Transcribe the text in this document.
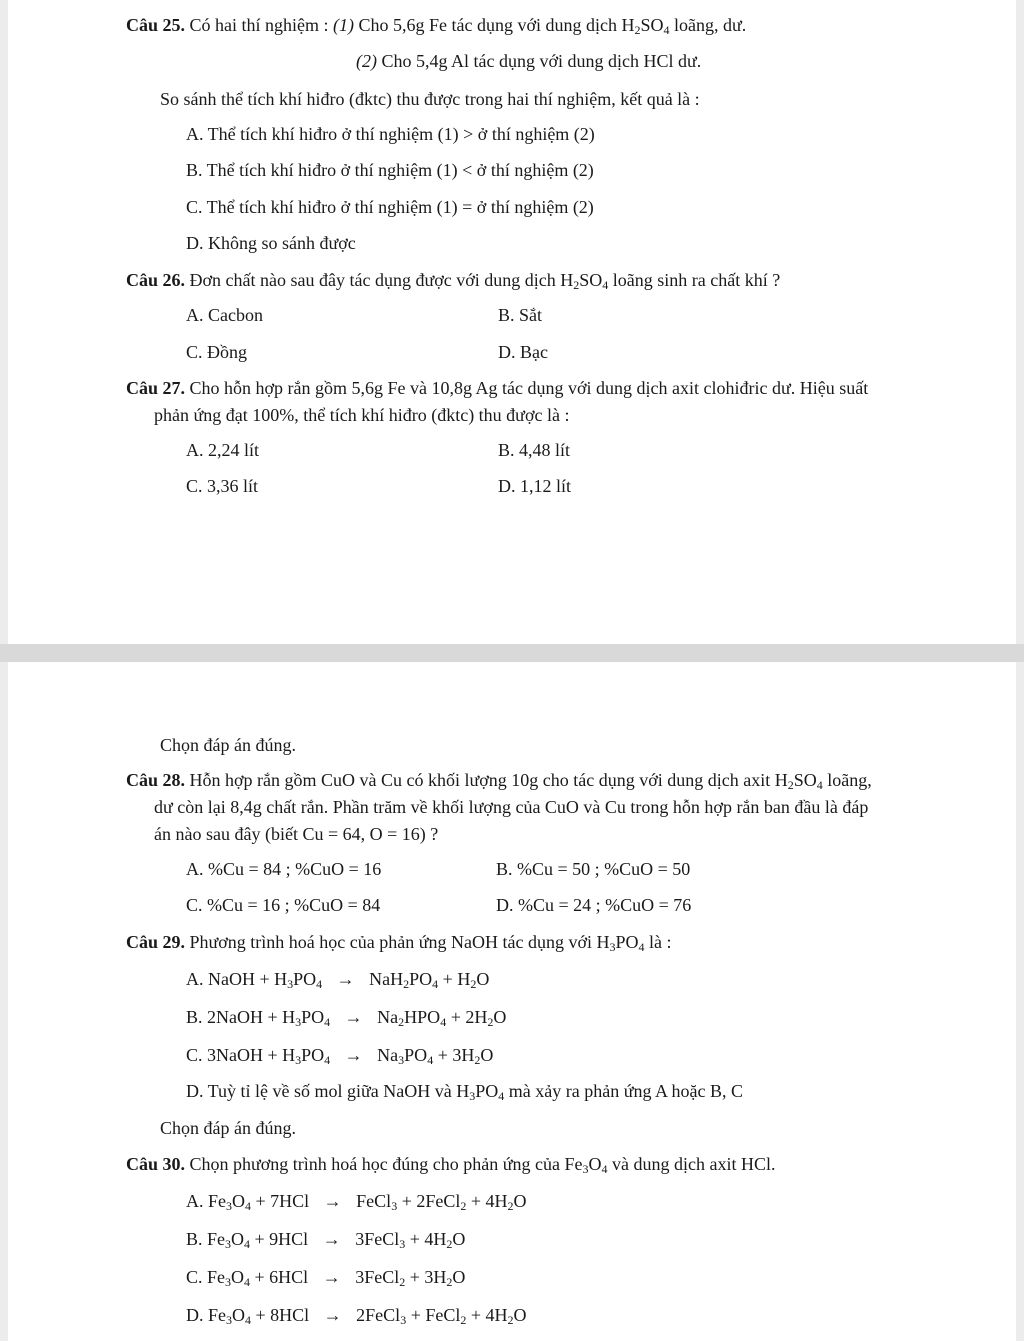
Câu 25. Có hai thí nghiệm : (1) Cho 5,6g Fe tác dụng với dung dịch $H_2SO_4$ loãng, dư.
(2) Cho 5,4g Al tác dụng với dung dịch HCl dư.
So sánh thể tích khí hiđro (đktc) thu được trong hai thí nghiệm, kết quả là :
A. Thể tích khí hiđro ở thí nghiệm (1) > ở thí nghiệm (2)
B. Thể tích khí hiđro ở thí nghiệm (1) < ở thí nghiệm (2)
C. Thể tích khí hiđro ở thí nghiệm (1) = ở thí nghiệm (2)
D. Không so sánh được
Câu 26. Đơn chất nào sau đây tác dụng được với dung dịch $H_2SO_4$ loãng sinh ra chất khí ?
A. Cacbon	B. Sắt
C. Đồng	D. Bạc
Câu 27. Cho hỗn hợp rắn gồm 5,6g Fe và 10,8g Ag tác dụng với dung dịch axit clohiđric dư. Hiệu suất
phản ứng đạt 100%, thể tích khí hiđro (đktc) thu được là :
A. 2,24 lít	B. 4,48 lít
C. 3,36 lít	D. 1,12 lít
Chọn đáp án đúng.
Câu 28. Hỗn hợp rắn gồm CuO và Cu có khối lượng 10g cho tác dụng với dung dịch axit $H_2SO_4$ loãng,
dư còn lại 8,4g chất rắn. Phần trăm về khối lượng của CuO và Cu trong hỗn hợp rắn ban đầu là đáp
án nào sau đây (biết Cu = 64, O = 16) ?
A. %Cu = 84 ; %CuO = 16	B. %Cu = 50 ; %CuO = 50
C. %Cu = 16 ; %CuO = 84	D. %Cu = 24 ; %CuO = 76
Câu 29. Phương trình hoá học của phản ứng NaOH tác dụng với $H_3PO_4$ là :
A. NaOH + $H_3PO_4 \to NaH_2PO_4 + H_2O$
B. 2NaOH + $H_3PO_4 \to Na_2HPO_4 + 2H_2O$
C. 3NaOH + $H_3PO_4 \to Na_3PO_4 + 3H_2O$
D. Tuỳ tỉ lệ về số mol giữa NaOH và $H_3PO_4$ mà xảy ra phản ứng A hoặc B, C
Chọn đáp án đúng.
Câu 30. Chọn phương trình hoá học đúng cho phản ứng của $Fe_3O_4$ và dung dịch axit HCl.
A. $Fe_3O_4 + 7HCl$ → FeCl$_3$ + 2FeCl$_2$ + $4H_2O$
B. $Fe_3O_4 + 9HCl$ → 3FeCl$_3$ + $4H_2O$
C. $Fe_3O_4 + 6HCl$ → 3FeCl$_2$ + $3H_2O$
D. $Fe_3O_4 + 8HCl$ → 2FeCl$_3$ + FeCl$_2$ + $4H_2O$
